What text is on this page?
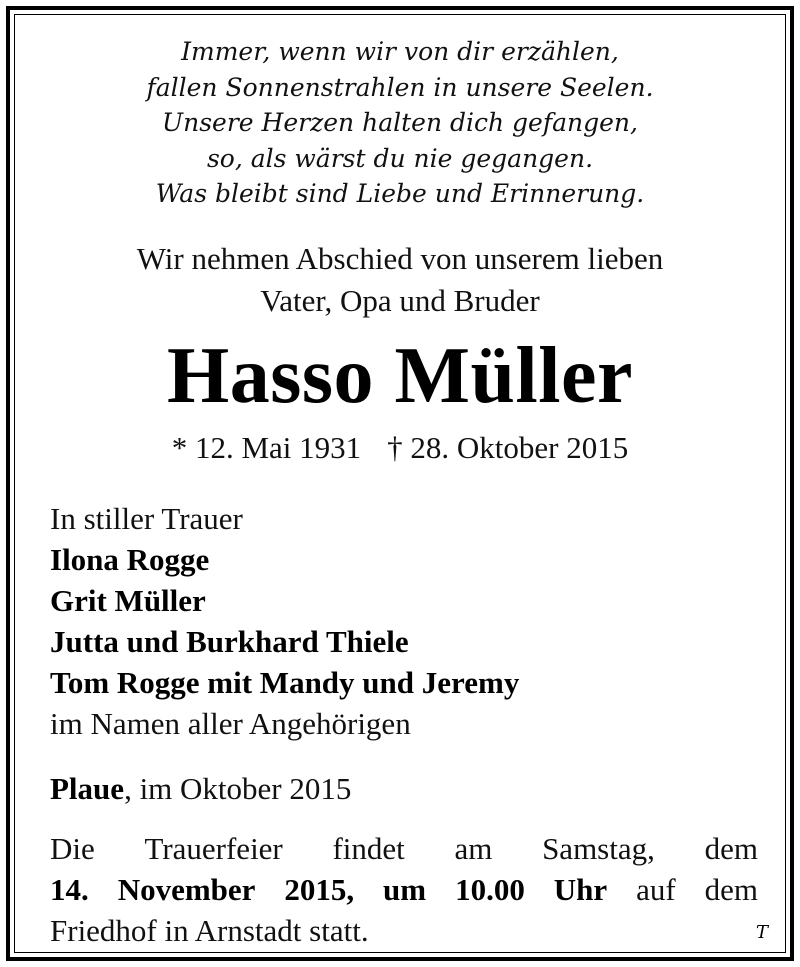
Immer, wenn wir von dir erzählen,
fallen Sonnenstrahlen in unsere Seelen.
Unsere Herzen halten dich gefangen,
so, als wärst du nie gegangen.
Was bleibt sind Liebe und Erinnerung.
Wir nehmen Abschied von unserem lieben
Vater, Opa und Bruder
Hasso Müller
* 12. Mai 1931 † 28. Oktober 2015
In stiller Trauer
Ilona Rogge
Grit Müller
Jutta und Burkhard Thiele
Tom Rogge mit Mandy und Jeremy
im Namen aller Angehörigen
Plaue, im Oktober 2015
Die Trauerfeier findet am Samstag, dem
14. November 2015, um 10.00 Uhr auf dem
Friedhof in Arnstadt statt.	T
